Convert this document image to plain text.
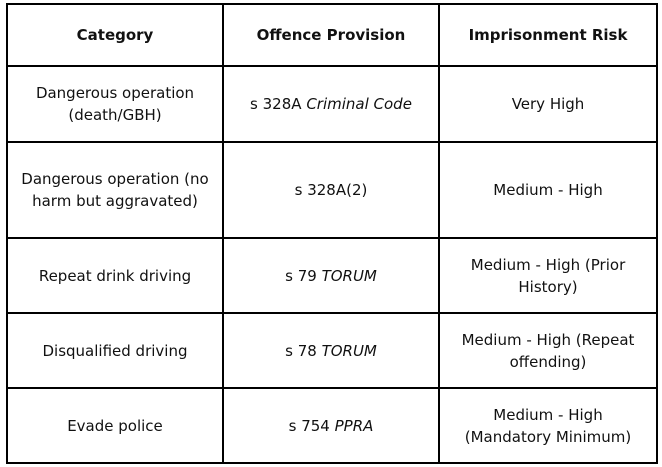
Category	Offence Provision	Imprisonment Risk
Dangerous operation (death/GBH)	s 328A Criminal Code	Very High
Dangerous operation (no harm but aggravated)	s 328A(2)	Medium - High
Repeat drink driving	s 79 TORUM	Medium - High (Prior History)
Disqualified driving	s 78 TORUM	Medium - High (Repeat offending)
Evade police	s 754 PPRA	Medium - High (Mandatory Minimum)
